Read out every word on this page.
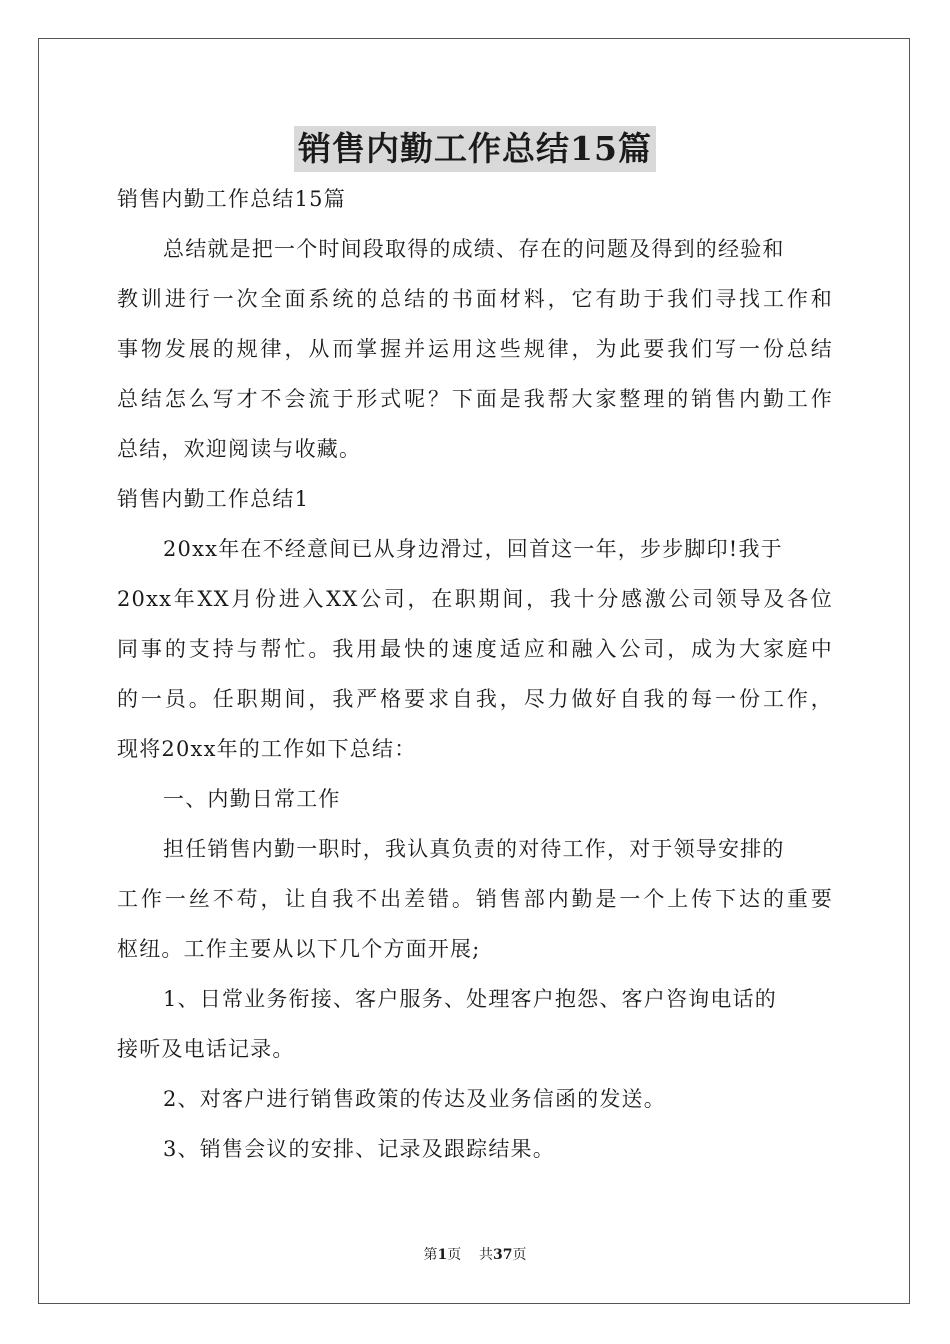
销售内勤工作总结15篇
销售内勤工作总结15篇
总结就是把一个时间段取得的成绩、存在的问题及得到的经验和
教训进行一次全面系统的总结的书面材料，它有助于我们寻找工作和
事物发展的规律，从而掌握并运用这些规律，为此要我们写一份总结
总结怎么写才不会流于形式呢？下面是我帮大家整理的销售内勤工作
总结，欢迎阅读与收藏。
销售内勤工作总结1
20xx年在不经意间已从身边滑过，回首这一年，步步脚印!我于
20xx年XX月份进入XX公司，在职期间，我十分感激公司领导及各位
同事的支持与帮忙。我用最快的速度适应和融入公司，成为大家庭中
的一员。任职期间，我严格要求自我，尽力做好自我的每一份工作，
现将20xx年的工作如下总结：
一、内勤日常工作
担任销售内勤一职时，我认真负责的对待工作，对于领导安排的
工作一丝不苟，让自我不出差错。销售部内勤是一个上传下达的重要
枢纽。工作主要从以下几个方面开展;
1、日常业务衔接、客户服务、处理客户抱怨、客户咨询电话的
接听及电话记录。
2、对客户进行销售政策的传达及业务信函的发送。
3、销售会议的安排、记录及跟踪结果。
第1页 共37页
